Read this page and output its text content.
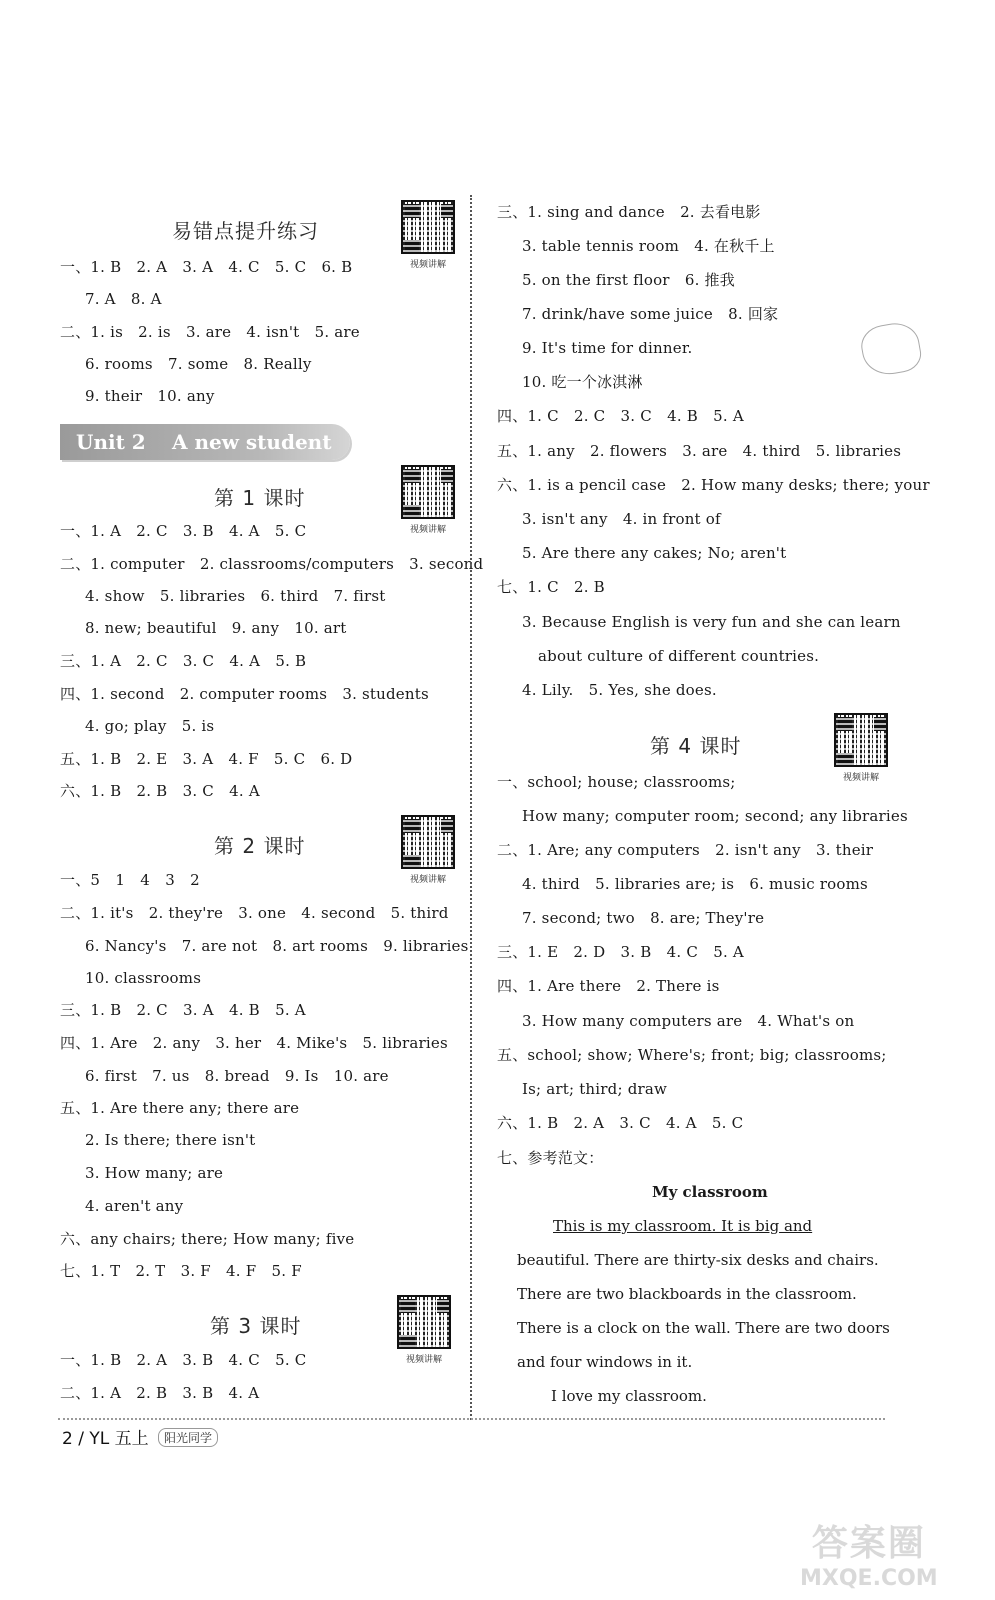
易错点提升练习
视频讲解
一、1. B　2. A　3. A　4. C　5. C　6. B
7. A　8. A
二、1. is　2. is　3. are　4. isn't　5. are
6. rooms　7. some　8. Really
9. their　10. any
Unit 2 A new student
第 1 课时
视频讲解
一、1. A　2. C　3. B　4. A　5. C
二、1. computer　2. classrooms/computers　3. second
4. show　5. libraries　6. third　7. first
8. new; beautiful　9. any　10. art
三、1. A　2. C　3. C　4. A　5. B
四、1. second　2. computer rooms　3. students
4. go; play　5. is
五、1. B　2. E　3. A　4. F　5. C　6. D
六、1. B　2. B　3. C　4. A
第 2 课时
视频讲解
一、5　1　4　3　2
二、1. it's　2. they're　3. one　4. second　5. third
6. Nancy's　7. are not　8. art rooms　9. libraries
10. classrooms
三、1. B　2. C　3. A　4. B　5. A
四、1. Are　2. any　3. her　4. Mike's　5. libraries
6. first　7. us　8. bread　9. Is　10. are
五、1. Are there any; there are
2. Is there; there isn't
3. How many; are
4. aren't any
六、any chairs; there; How many; five
七、1. T　2. T　3. F　4. F　5. F
第 3 课时
视频讲解
一、1. B　2. A　3. B　4. C　5. C
二、1. A　2. B　3. B　4. A
三、1. sing and dance　2. 去看电影
3. table tennis room　4. 在秋千上
5. on the first floor　6. 推我
7. drink/have some juice　8. 回家
9. It's time for dinner.
10. 吃一个冰淇淋
四、1. C　2. C　3. C　4. B　5. A
五、1. any　2. flowers　3. are　4. third　5. libraries
六、1. is a pencil case　2. How many desks; there; your
3. isn't any　4. in front of
5. Are there any cakes; No; aren't
七、1. C　2. B
3. Because English is very fun and she can learn
about culture of different countries.
4. Lily.　5. Yes, she does.
第 4 课时
视频讲解
一、school; house; classrooms;
How many; computer room; second; any libraries
二、1. Are; any computers　2. isn't any　3. their
4. third　5. libraries are; is　6. music rooms
7. second; two　8. are; They're
三、1. E　2. D　3. B　4. C　5. A
四、1. Are there　2. There is
3. How many computers are　4. What's on
五、school; show; Where's; front; big; classrooms;
Is; art; third; draw
六、1. B　2. A　3. C　4. A　5. C
七、参考范文：
My classroom
This is my classroom. It is big and
beautiful. There are thirty-six desks and chairs.
There are two blackboards in the classroom.
There is a clock on the wall. There are two doors
and four windows in it.
I love my classroom.

2 / YL 五上 阳光同学
答案圈
MXQE.COM
